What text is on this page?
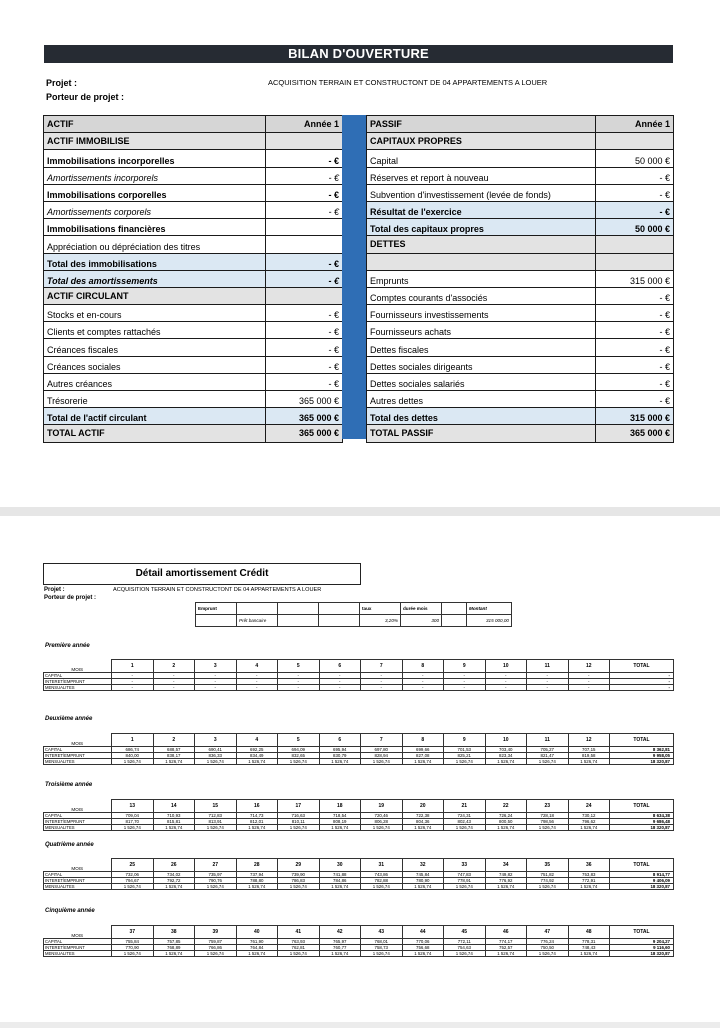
BILAN D'OUVERTURE
Projet :
Porteur de projet :
ACQUISITION TERRAIN ET CONSTRUCTONT DE 04 APPARTEMENTS A LOUER
ACTIF	Année 1
ACTIF IMMOBILISE	
Immobilisations incorporelles	- €
Amortissements incorporels	- €
Immobilisations corporelles	- €
Amortissements corporels	- €
Immobilisations financières	
Appréciation ou dépréciation des titres	
Total des immobilisations	- €
Total des amortissements	- €
ACTIF CIRCULANT	
Stocks et en-cours	- €
Clients et comptes rattachés	- €
Créances fiscales	- €
Créances sociales	- €
Autres créances	- €
Trésorerie	365 000 €
Total de l'actif circulant	365 000 €
TOTAL ACTIF	365 000 €
PASSIF	Année 1
CAPITAUX PROPRES	
Capital	50 000 €
Réserves et report à nouveau	- €
Subvention d'investissement (levée de fonds)	- €
Résultat de l'exercice	- €
Total des capitaux propres	50 000 €
DETTES	

Emprunts	315 000 €
Comptes courants d'associés	- €
Fournisseurs investissements	- €
Fournisseurs achats	- €
Dettes fiscales	- €
Dettes sociales dirigeants	- €
Dettes sociales salariés	- €
Autres dettes	- €
Total des dettes	315 000 €
TOTAL PASSIF	365 000 €
Détail amortissement Crédit
Projet :
Porteur de projet :
ACQUISITION TERRAIN ET CONSTRUCTONT DE 04 APPARTEMENTS A LOUER
Emprunt				taux	durée mois		Montant
	Prêt bancaire			3,20%	300		315 000,00
Première année
MOIS	1	2	3	4	5	6	7	8	9	10	11	12	TOTAL
CAPITAL	-	-	-	-	-	-	-	-	-	-	-	-	-
INTERET/EMPRUNT	-	-	-	-	-	-	-	-	-	-	-	-	-
MENSUALITES	-	-	-	-	-	-	-	-	-	-	-	-	-
Deuxième année
MOIS	1	2	3	4	5	6	7	8	9	10	11	12	TOTAL
CAPITAL	686,74	688,57	690,41	692,25	694,09	695,94	697,80	699,66	701,53	703,40	705,27	707,15	8 362,81
INTERET/EMPRUNT	840,00	838,17	836,33	834,49	832,65	830,79	828,94	827,08	825,21	823,34	821,47	819,58	9 958,05
MENSUALITES	1 526,74	1 526,74	1 526,74	1 526,74	1 526,74	1 526,74	1 526,74	1 526,74	1 526,74	1 526,74	1 526,74	1 526,74	18 320,87
Troisième année
MOIS	13	14	15	16	17	18	19	20	21	22	23	24	TOTAL
CAPITAL	709,04	710,93	712,83	714,73	716,63	718,54	720,46	722,38	724,31	726,24	728,18	730,12	8 634,38
INTERET/EMPRUNT	817,70	815,81	813,91	812,01	810,11	808,19	806,28	804,36	802,43	800,50	798,56	796,62	9 686,48
MENSUALITES	1 526,74	1 526,74	1 526,74	1 526,74	1 526,74	1 526,74	1 526,74	1 526,74	1 526,74	1 526,74	1 526,74	1 526,74	18 320,87
Quatrième année
MOIS	25	26	27	28	29	30	31	32	33	34	35	36	TOTAL
CAPITAL	732,06	734,02	735,97	737,94	739,90	741,88	743,86	745,84	747,83	749,82	751,82	753,83	8 914,77
INTERET/EMPRUNT	794,67	792,72	790,76	788,80	786,83	784,86	782,88	780,90	778,91	776,92	774,92	772,91	9 406,09
MENSUALITES	1 526,74	1 526,74	1 526,74	1 526,74	1 526,74	1 526,74	1 526,74	1 526,74	1 526,74	1 526,74	1 526,74	1 526,74	18 320,87
Cinquième année
MOIS	37	38	39	40	41	42	43	44	45	46	47	48	TOTAL
CAPITAL	755,84	757,85	759,87	761,90	763,93	765,97	768,01	770,06	772,11	774,17	776,24	778,31	9 204,27
INTERET/EMPRUNT	770,90	768,89	766,86	764,84	762,81	760,77	758,73	756,68	754,63	752,57	750,50	748,43	9 116,60
MENSUALITES	1 526,74	1 526,74	1 526,74	1 526,74	1 526,74	1 526,74	1 526,74	1 526,74	1 526,74	1 526,74	1 526,74	1 526,74	18 320,87
